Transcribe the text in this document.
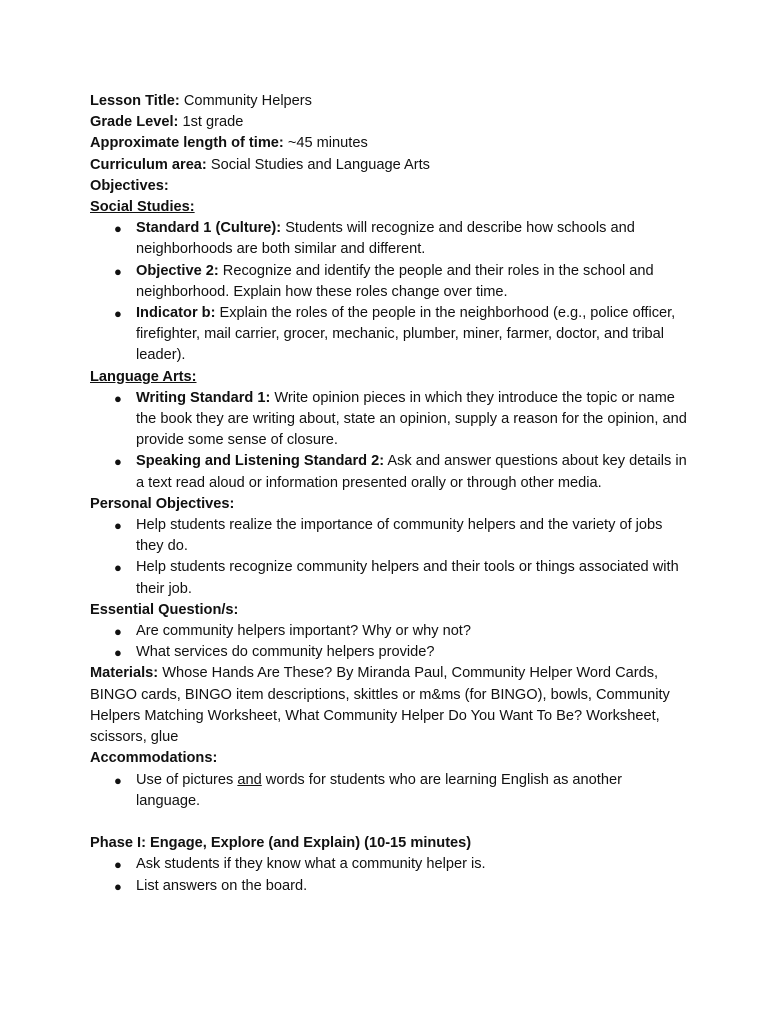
Lesson Title: Community Helpers

Grade Level: 1st grade

Approximate length of time: ~45 minutes

Curriculum area: Social Studies and Language Arts

Objectives:

Social Studies:

● Standard 1 (Culture): Students will recognize and describe how schools and neighborhoods are both similar and different.
● Objective 2: Recognize and identify the people and their roles in the school and neighborhood. Explain how these roles change over time.
● Indicator b: Explain the roles of the people in the neighborhood (e.g., police officer, firefighter, mail carrier, grocer, mechanic, plumber, miner, farmer, doctor, and tribal leader).

Language Arts:

● Writing Standard 1: Write opinion pieces in which they introduce the topic or name the book they are writing about, state an opinion, supply a reason for the opinion, and provide some sense of closure.
● Speaking and Listening Standard 2: Ask and answer questions about key details in a text read aloud or information presented orally or through other media.

Personal Objectives:

● Help students realize the importance of community helpers and the variety of jobs they do.
● Help students recognize community helpers and their tools or things associated with their job.

Essential Question/s:

● Are community helpers important? Why or why not?
● What services do community helpers provide?

Materials: Whose Hands Are These? By Miranda Paul, Community Helper Word Cards, BINGO cards, BINGO item descriptions, skittles or m&ms (for BINGO), bowls, Community Helpers Matching Worksheet, What Community Helper Do You Want To Be? Worksheet, scissors, glue

Accommodations:

● Use of pictures and words for students who are learning English as another language.

Phase I: Engage, Explore (and Explain) (10-15 minutes)

● Ask students if they know what a community helper is.
● List answers on the board.
